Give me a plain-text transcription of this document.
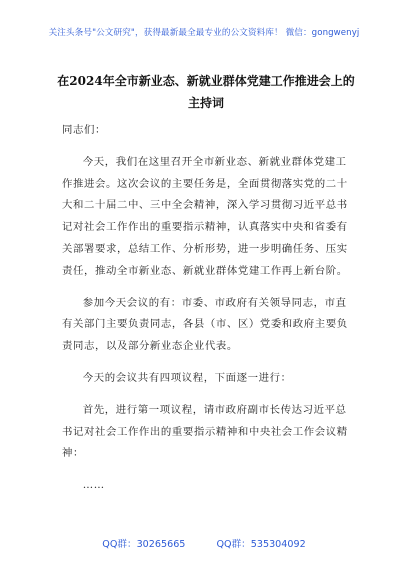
关注头条号"公文研究"，获得最新最全最专业的公文资料库！ 微信：gongwenyj
在2024年全市新业态、新就业群体党建工作推进会上的主持词

同志们：

今天，我们在这里召开全市新业态、新就业群体党建工作推进会。这次会议的主要任务是，全面贯彻落实党的二十大和二十届二中、三中全会精神，深入学习贯彻习近平总书记对社会工作作出的重要指示精神，认真落实中央和省委有关部署要求，总结工作、分析形势，进一步明确任务、压实责任，推动全市新业态、新就业群体党建工作再上新台阶。

参加今天会议的有：市委、市政府有关领导同志，市直有关部门主要负责同志，各县（市、区）党委和政府主要负责同志，以及部分新业态企业代表。

今天的会议共有四项议程，下面逐一进行：

首先，进行第一项议程，请市政府副市长传达习近平总书记对社会工作作出的重要指示精神和中央社会工作会议精神：

……

QQ群：30265665	QQ群：535304092
